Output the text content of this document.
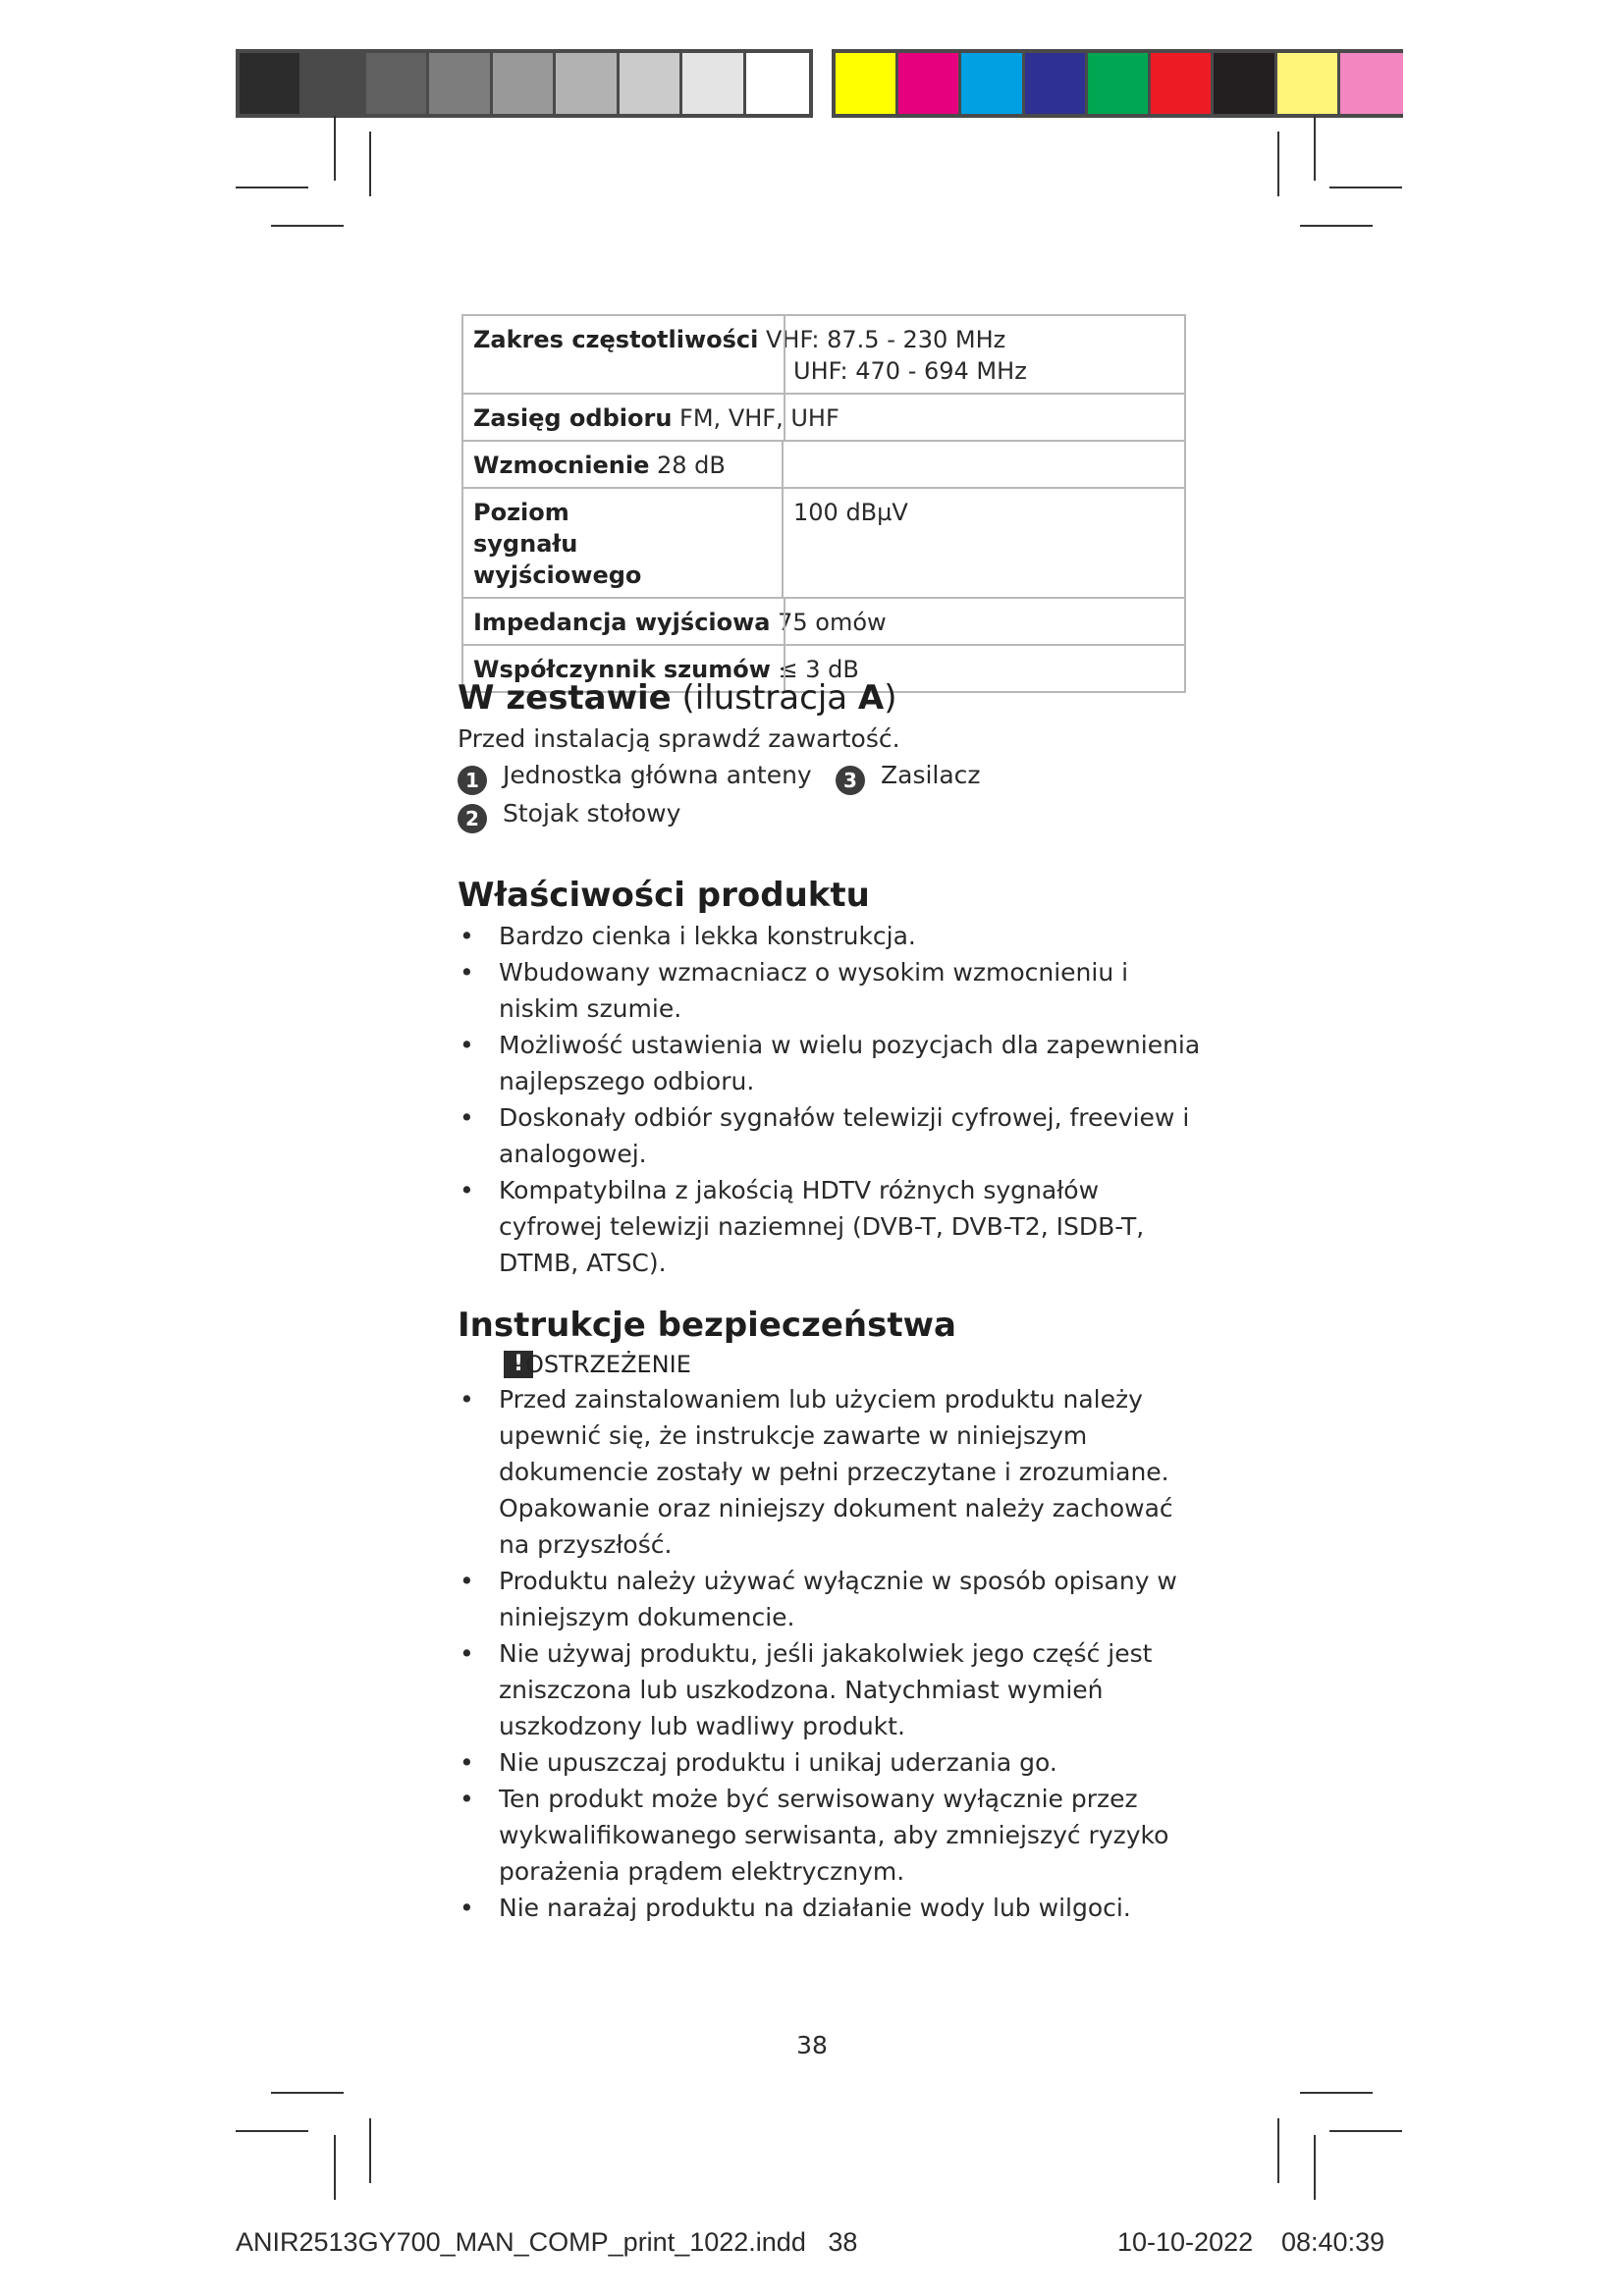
Zakres częstotliwości VHF: 87.5 - 230 MHz
UHF: 470 - 694 MHz	

Zasięg odbioru FM, VHF, UHF	

Wzmocnienie 28 dB	

Poziom sygnału wyjściowego	100 dBµV
Impedancja wyjściowa 75 omów	

Współczynnik szumów ≤ 3 dB	
W zestawie (ilustracja A)
Przed instalacją sprawdź zawartość.
1 Jednostka główna anteny	3 Zasilacz
2 Stojak stołowy
Właściwości produktu
• Bardzo cienka i lekka konstrukcja.
• Wbudowany wzmacniacz o wysokim wzmocnieniu i niskim szumie.
• Możliwość ustawienia w wielu pozycjach dla zapewnienia najlepszego odbioru.
• Doskonały odbiór sygnałów telewizji cyfrowej, freeview i analogowej.
• Kompatybilna z jakością HDTV różnych sygnałów cyfrowej telewizji naziemnej (DVB-T, DVB-T2, ISDB-T, DTMB, ATSC).
Instrukcje bezpieczeństwa
! OSTRZEŻENIE
• Przed zainstalowaniem lub użyciem produktu należy upewnić się, że instrukcje zawarte w niniejszym dokumencie zostały w pełni przeczytane i zrozumiane. Opakowanie oraz niniejszy dokument należy zachować na przyszłość.
• Produktu należy używać wyłącznie w sposób opisany w niniejszym dokumencie.
• Nie używaj produktu, jeśli jakakolwiek jego część jest zniszczona lub uszkodzona. Natychmiast wymień uszkodzony lub wadliwy produkt.
• Nie upuszczaj produktu i unikaj uderzania go.
• Ten produkt może być serwisowany wyłącznie przez wykwalifikowanego serwisanta, aby zmniejszyć ryzyko porażenia prądem elektrycznym.
• Nie narażaj produktu na działanie wody lub wilgoci.
38
ANIR2513GY700_MAN_COMP_print_1022.indd   38	10-10-2022 08:40:39
